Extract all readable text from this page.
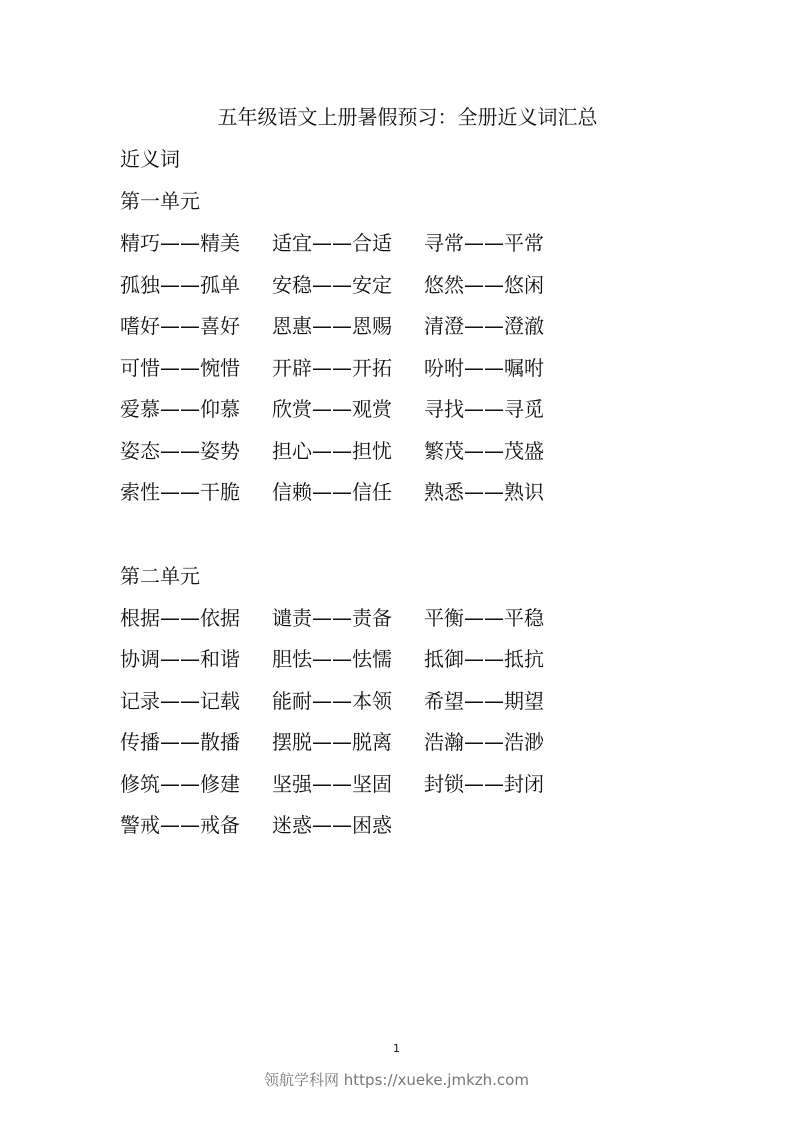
五年级语文上册暑假预习：全册近义词汇总
近义词
第一单元
精巧——精美 适宜——合适 寻常——平常
孤独——孤单 安稳——安定 悠然——悠闲
嗜好——喜好 恩惠——恩赐 清澄——澄澈
可惜——惋惜 开辟——开拓 吩咐——嘱咐
爱慕——仰慕 欣赏——观赏 寻找——寻觅
姿态——姿势 担心——担忧 繁茂——茂盛
索性——干脆 信赖——信任 熟悉——熟识
第二单元
根据——依据 谴责——责备 平衡——平稳
协调——和谐 胆怯——怯懦 抵御——抵抗
记录——记载 能耐——本领 希望——期望
传播——散播 摆脱——脱离 浩瀚——浩渺
修筑——修建 坚强——坚固 封锁——封闭
警戒——戒备 迷惑——困惑
1
领航学科网 https://xueke.jmkzh.com
